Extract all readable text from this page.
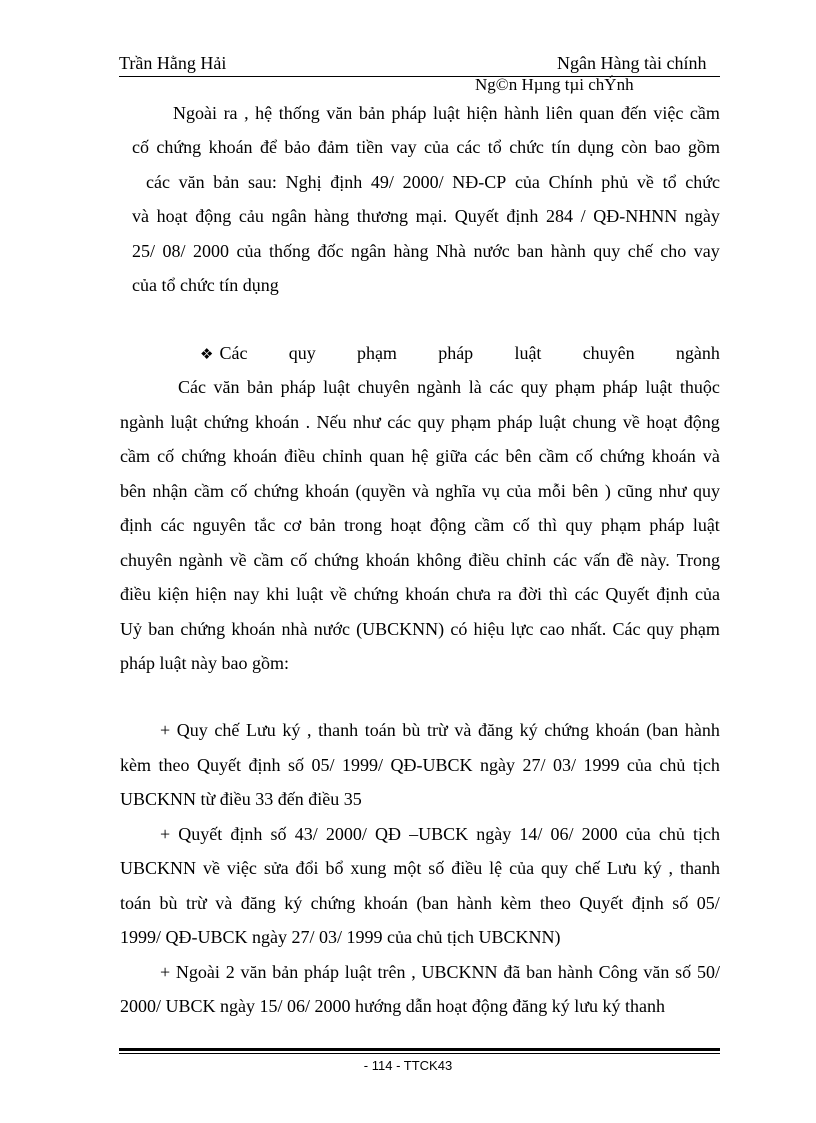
Trần Hằng Hải	Ngân Hàng tài chính
Ng©n Hµng tµi chÝnh
Ngoài ra , hệ thống văn bản pháp luật hiện hành liên quan đến việc cầm
cố chứng khoán để bảo đảm tiền vay của các tổ chức tín dụng còn bao gồm
các văn bản sau: Nghị định 49/ 2000/ NĐ-CP của Chính phủ về tổ chức
và hoạt động cảu ngân hàng thương mại. Quyết định 284 / QĐ-NHNN ngày
25/ 08/ 2000 của thống đốc ngân hàng Nhà nước ban hành quy chế cho vay
của tổ chức tín dụng
❖ Các quy phạm pháp luật chuyên ngành
Các văn bản pháp luật chuyên ngành là các quy phạm pháp luật thuộc
ngành luật chứng khoán . Nếu như các quy phạm pháp luật chung về hoạt động
cầm cố chứng khoán điều chỉnh quan hệ giữa các bên cầm cố chứng khoán và
bên nhận cầm cố chứng khoán (quyền và nghĩa vụ của mỗi bên ) cũng như quy
định các nguyên tắc cơ bản trong hoạt động cầm cố thì quy phạm pháp luật
chuyên ngành về cầm cố chứng khoán không điều chỉnh các vấn đề này. Trong
điều kiện hiện nay khi luật về chứng khoán chưa ra đời thì các Quyết định của
Uỷ ban chứng khoán nhà nước (UBCKNN) có hiệu lực cao nhất. Các quy phạm
pháp luật này bao gồm:
+ Quy chế Lưu ký , thanh toán bù trừ và đăng ký chứng khoán (ban hành
kèm theo Quyết định số 05/ 1999/ QĐ-UBCK ngày 27/ 03/ 1999 của chủ tịch
UBCKNN từ điều 33 đến điều 35
+ Quyết định số 43/ 2000/ QĐ –UBCK ngày 14/ 06/ 2000 của chủ tịch
UBCKNN về việc sửa đổi bổ xung một số điều lệ của quy chế Lưu ký , thanh
toán bù trừ và đăng ký chứng khoán (ban hành kèm theo Quyết định số 05/
1999/ QĐ-UBCK ngày 27/ 03/ 1999 của chủ tịch UBCKNN)
+ Ngoài 2 văn bản pháp luật trên , UBCKNN đã ban hành Công văn số 50/
2000/ UBCK ngày 15/ 06/ 2000 hướng dẫn hoạt động đăng ký lưu ký thanh
- 114 - TTCK43
